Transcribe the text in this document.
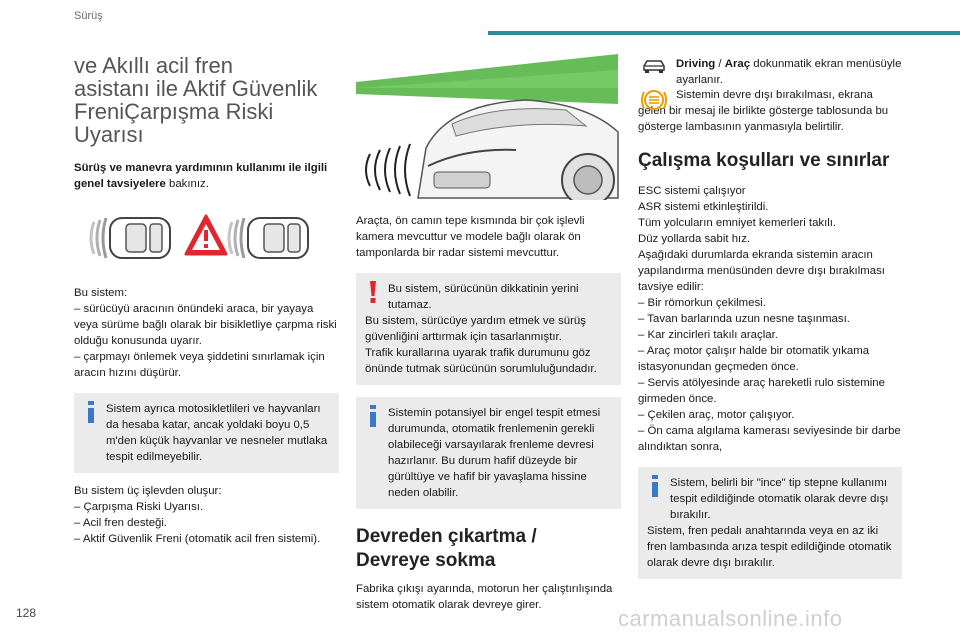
Sürüş
ve Akıllı acil fren
asistanı ile Aktif Güvenlik
FreniÇarpışma Riski
Uyarısı

Sürüş ve manevra yardımının kullanımı ile ilgili genel tavsiyelere bakınız.

Bu sistem:

– sürücüyü aracının önündeki araca, bir yayaya veya sürüme bağlı olarak bir bisikletliye çarpma riski olduğu konusunda uyarır.

– çarpmayı önlemek veya şiddetini sınırlamak için aracın hızını düşürür.

Sistem ayrıca motosikletlileri ve hayvanları da hesaba katar, ancak yoldaki boyu 0,5 m'den küçük hayvanlar ve nesneler mutlaka tespit edilmeyebilir.

Bu sistem üç işlevden oluşur:

– Çarpışma Riski Uyarısı.

– Acil fren desteği.

– Aktif Güvenlik Freni (otomatik acil fren sistemi).

Araçta, ön camın tepe kısmında bir çok işlevli kamera mevcuttur ve modele bağlı olarak ön tamponlarda bir radar sistemi mevcuttur.

Bu sistem, sürücünün dikkatinin yerini tutamaz.

Bu sistem, sürücüye yardım etmek ve sürüş güvenliğini arttırmak için tasarlanmıştır.

Trafik kurallarına uyarak trafik durumunu göz önünde tutmak sürücünün sorumluluğundadır.

Sistemin potansiyel bir engel tespit etmesi durumunda, otomatik frenlemenin gerekli olabileceği varsayılarak frenleme devresi hazırlanır. Bu durum hafif düzeyde bir gürültüye ve hafif bir yavaşlama hissine neden olabilir.

Devreden çıkartma /
Devreye sokma

Fabrika çıkışı ayarında, motorun her çalıştırılışında sistem otomatik olarak devreye girer.

Driving / Araç dokunmatik ekran menüsüyle ayarlanır.

Sistemin devre dışı bırakılması, ekrana gelen bir mesaj ile birlikte gösterge tablosunda bu gösterge lambasının yanmasıyla belirtilir.

Çalışma koşulları ve sınırlar

ESC sistemi çalışıyor

ASR sistemi etkinleştirildi.

Tüm yolcuların emniyet kemerleri takılı.

Düz yollarda sabit hız.

Aşağıdaki durumlarda ekranda sistemin aracın yapılandırma menüsünden devre dışı bırakılması tavsiye edilir:

– Bir römorkun çekilmesi.

– Tavan barlarında uzun nesne taşınması.

– Kar zincirleri takılı araçlar.

– Araç motor çalışır halde bir otomatik yıkama istasyonundan geçmeden önce.

– Servis atölyesinde araç hareketli rulo sistemine girmeden önce.

– Çekilen araç, motor çalışıyor.

– Ön cama algılama kamerası seviyesinde bir darbe alındıktan sonra,

Sistem, belirli bir "ince" tip stepne kullanımı tespit edildiğinde otomatik olarak devre dışı bırakılır.

Sistem, fren pedalı anahtarında veya en az iki fren lambasında arıza tespit edildiğinde otomatik olarak devre dışı bırakılır.

128	carmanualsonline.info
